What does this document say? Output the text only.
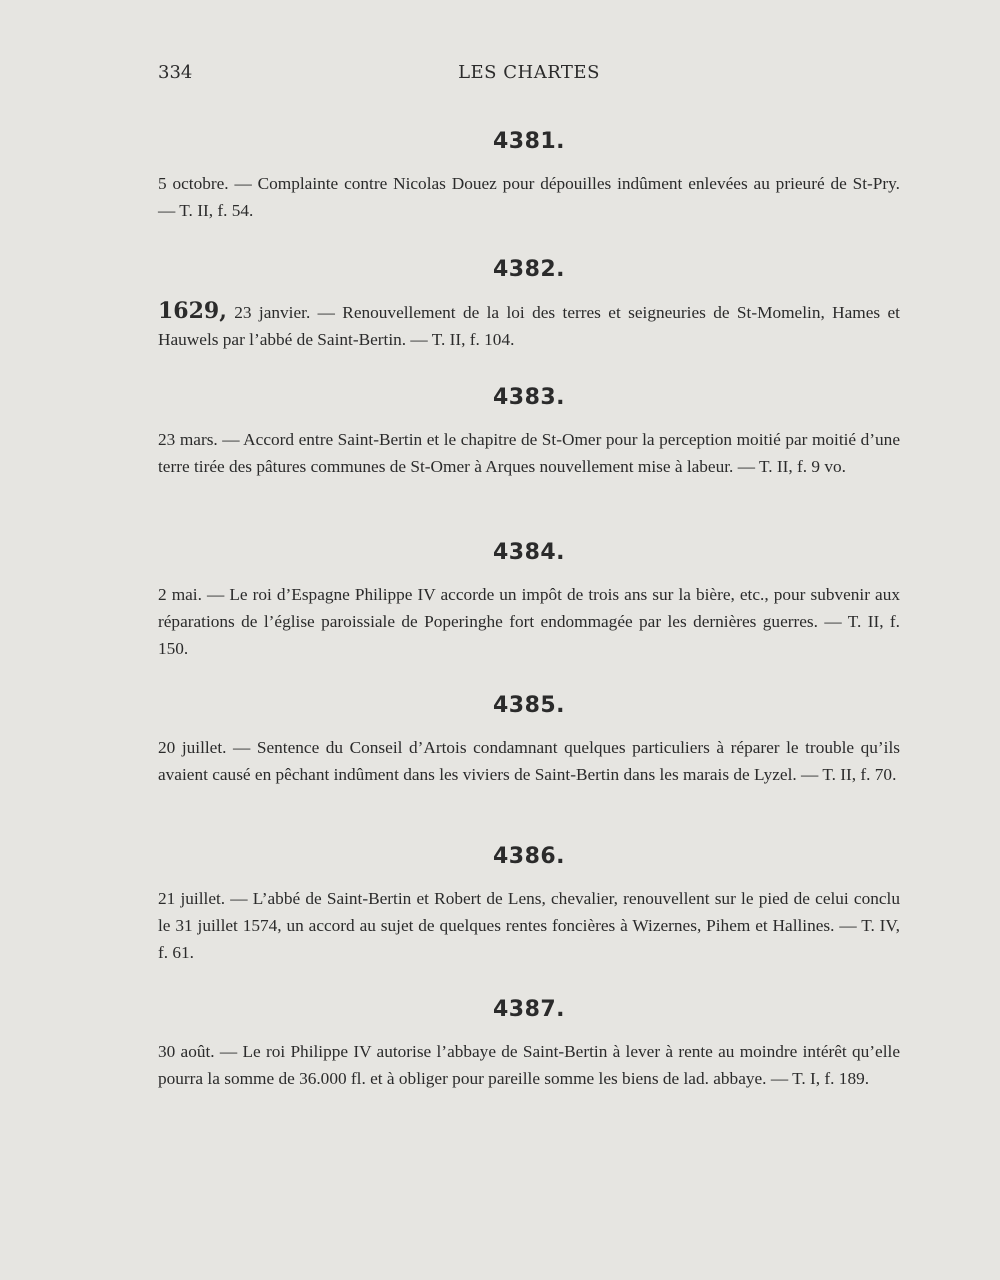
334	LES CHARTES
4381.

5 octobre. — Complainte contre Nicolas Douez pour dépouilles indûment enlevées au prieuré de St-Pry. — T. II, f. 54.

4382.

1629, 23 janvier. — Renouvellement de la loi des terres et seigneuries de St-Momelin, Hames et Hauwels par l’abbé de Saint-Bertin. — T. II, f. 104.

4383.

23 mars. — Accord entre Saint-Bertin et le chapitre de St-Omer pour la perception moitié par moitié d’une terre tirée des pâtures communes de St-Omer à Arques nouvellement mise à labeur. — T. II, f. 9 vo.

4384.

2 mai. — Le roi d’Espagne Philippe IV accorde un impôt de trois ans sur la bière, etc., pour subvenir aux réparations de l’église paroissiale de Poperinghe fort endommagée par les dernières guerres. — T. II, f. 150.

4385.

20 juillet. — Sentence du Conseil d’Artois condamnant quelques particuliers à réparer le trouble qu’ils avaient causé en pêchant indûment dans les viviers de Saint-Bertin dans les marais de Lyzel. — T. II, f. 70.

4386.

21 juillet. — L’abbé de Saint-Bertin et Robert de Lens, chevalier, renouvellent sur le pied de celui conclu le 31 juillet 1574, un accord au sujet de quelques rentes foncières à Wizernes, Pihem et Hallines. — T. IV, f. 61.

4387.

30 août. — Le roi Philippe IV autorise l’abbaye de Saint-Bertin à lever à rente au moindre intérêt qu’elle pourra la somme de 36.000 fl. et à obliger pour pareille somme les biens de lad. abbaye. — T. I, f. 189.
